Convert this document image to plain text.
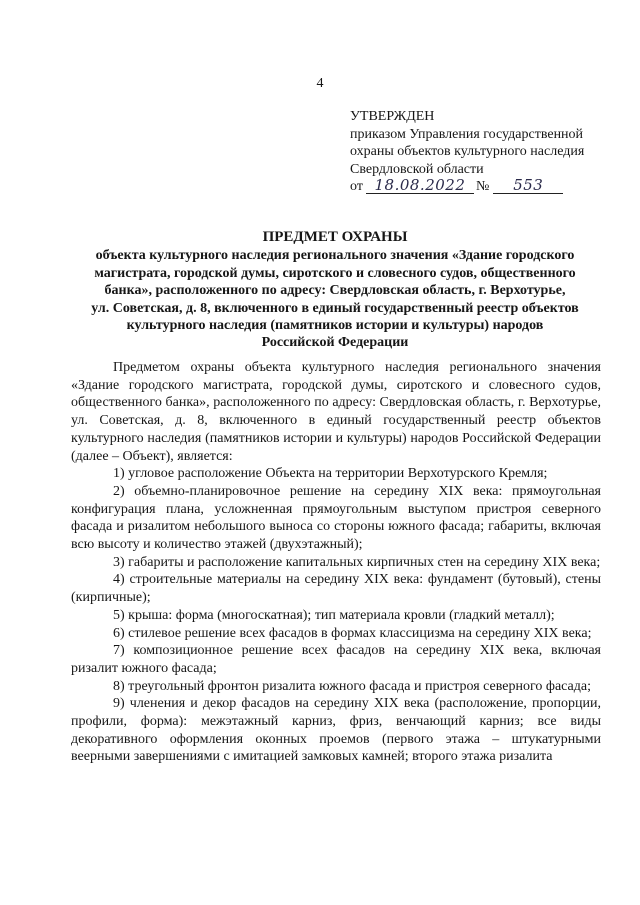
4
УТВЕРЖДЕН
приказом Управления государственной
охраны объектов культурного наследия
Свердловской области
от 18.08.2022 №	553
ПРЕДМЕТ ОХРАНЫ
объекта культурного наследия регионального значения «Здание городского
магистрата, городской думы, сиротского и словесного судов, общественного
банка», расположенного по адресу: Свердловская область, г. Верхотурье,
ул. Советская, д. 8, включенного в единый государственный реестр объектов
культурного наследия (памятников истории и культуры) народов
Российской Федерации

Предметом охраны объекта культурного наследия регионального значения «Здание городского магистрата, городской думы, сиротского и словесного судов, общественного банка», расположенного по адресу: Свердловская область, г. Верхотурье, ул. Советская, д. 8, включенного в единый государственный реестр объектов культурного наследия (памятников истории и культуры) народов Российской Федерации (далее – Объект), является:

1) угловое расположение Объекта на территории Верхотурского Кремля;

2) объемно-планировочное решение на середину XIX века: прямоугольная конфигурация плана, усложненная прямоугольным выступом пристроя северного фасада и ризалитом небольшого выноса со стороны южного фасада; габариты, включая всю высоту и количество этажей (двухэтажный);

3) габариты и расположение капитальных кирпичных стен на середину XIX века;

4) строительные материалы на середину XIX века: фундамент (бутовый), стены (кирпичные);

5) крыша: форма (многоскатная); тип материала кровли (гладкий металл);

6) стилевое решение всех фасадов в формах классицизма на середину XIX века;

7) композиционное решение всех фасадов на середину XIX века, включая ризалит южного фасада;

8) треугольный фронтон ризалита южного фасада и пристроя северного фасада;

9) членения и декор фасадов на середину XIX века (расположение, пропорции, профили, форма): межэтажный карниз, фриз, венчающий карниз; все виды декоративного оформления оконных проемов (первого этажа – штукатурными веерными завершениями с имитацией замковых камней; второго этажа ризалита
